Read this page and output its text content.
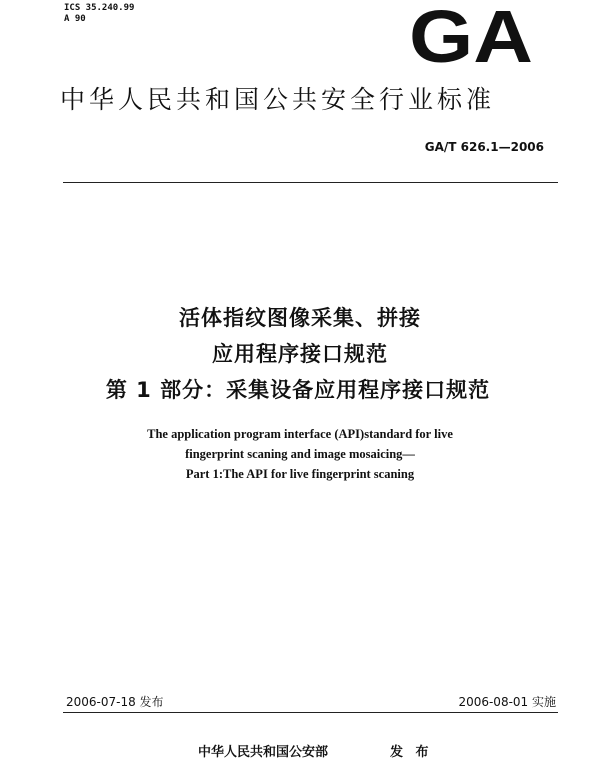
ICS 35.240.99
A 90	GA
中华人民共和国公共安全行业标准
GA/T 626.1—2006
活体指纹图像采集、拼接
应用程序接口规范
第 1 部分：采集设备应用程序接口规范
The application program interface (API)standard for live
fingerprint scaning and image mosaicing—
Part 1:The API for live fingerprint scaning
2006-07-18 发布	2006-08-01 实施
中华人民共和国公安部	发 布
